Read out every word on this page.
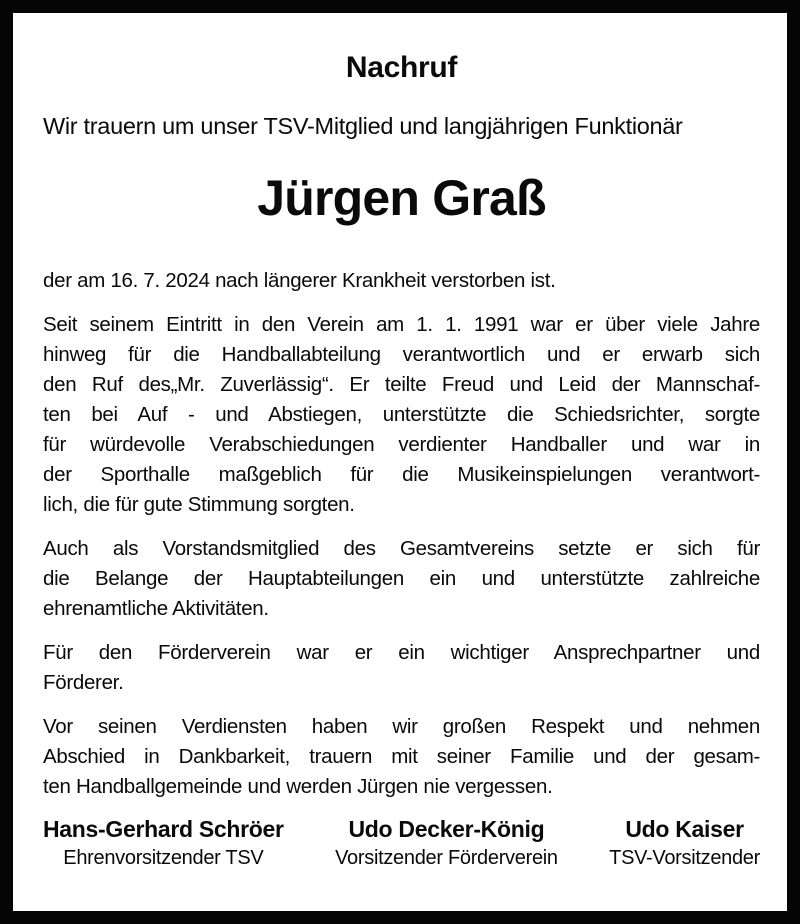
Nachruf
Wir trauern um unser TSV-Mitglied und langjährigen Funktionär
Jürgen Graß
der am 16. 7. 2024 nach längerer Krankheit verstorben ist.
Seit seinem Eintritt in den Verein am 1. 1. 1991 war er über viele Jahre
hinweg für die Handballabteilung verantwortlich und er erwarb sich
den Ruf des„Mr. Zuverlässig“. Er teilte Freud und Leid der Mannschaf-
ten bei Auf - und Abstiegen, unterstützte die Schiedsrichter, sorgte
für würdevolle Verabschiedungen verdienter Handballer und war in
der Sporthalle maßgeblich für die Musikeinspielungen verantwort-
lich, die für gute Stimmung sorgten.
Auch als Vorstandsmitglied des Gesamtvereins setzte er sich für
die Belange der Hauptabteilungen ein und unterstützte zahlreiche
ehrenamtliche Aktivitäten.
Für den Förderverein war er ein wichtiger Ansprechpartner und
Förderer.
Vor seinen Verdiensten haben wir großen Respekt und nehmen
Abschied in Dankbarkeit, trauern mit seiner Familie und der gesam-
ten Handballgemeinde und werden Jürgen nie vergessen.
Hans-Gerhard Schröer
Ehrenvorsitzender TSV
Udo Decker-König
Vorsitzender Förderverein
Udo Kaiser
TSV-Vorsitzender
